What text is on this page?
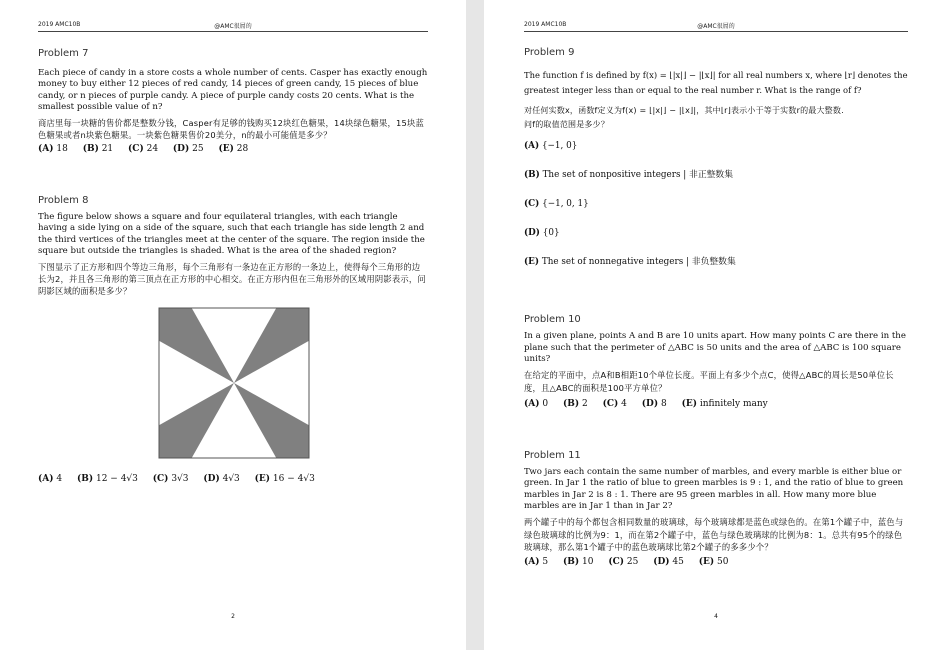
2019 AMC10B	@AMC很屌的
Problem 7

Each piece of candy in a store costs a whole number of cents. Casper has exactly enough money to buy either 12 pieces of red candy, 14 pieces of green candy, 15 pieces of blue candy, or n pieces of purple candy. A piece of purple candy costs 20 cents. What is the smallest possible value of n?

商店里每一块糖的售价都是整数分钱，Casper有足够的钱购买12块红色糖果，14块绿色糖果，15块蓝色糖果或者n块紫色糖果。一块紫色糖果售价20美分，n的最小可能值是多少？

(A) 18 (B) 21 (C) 24 (D) 25 (E) 28

Problem 8

The figure below shows a square and four equilateral triangles, with each triangle having a side lying on a side of the square, such that each triangle has side length 2 and the third vertices of the triangles meet at the center of the square. The region inside the square but outside the triangles is shaded. What is the area of the shaded region?

下图显示了正方形和四个等边三角形，每个三角形有一条边在正方形的一条边上，使得每个三角形的边长为2，并且各三角形的第三顶点在正方形的中心相交。在正方形内但在三角形外的区域用阴影表示，问阴影区域的面积是多少？

(A) 4 (B) 12 − 4√3 (C) 3√3 (D) 4√3 (E) 16 − 4√3

2
2019 AMC10B	@AMC很屌的
Problem 9

The function f is defined by f(x) = ⌊|x|⌋ − |⌊x⌋| for all real numbers x, where ⌊r⌋ denotes the

greatest integer less than or equal to the real number r. What is the range of f?

对任何实数x，函数f定义为f(x) = ⌊|x|⌋ − |⌊x⌋|，其中⌊r⌋表示小于等于实数r的最大整数.

问f的取值范围是多少？

(A) {−1, 0}

(B) The set of nonpositive integers | 非正整数集

(C) {−1, 0, 1}

(D) {0}

(E) The set of nonnegative integers | 非负整数集

Problem 10

In a given plane, points A and B are 10 units apart. How many points C are there in the plane such that the perimeter of △ABC is 50 units and the area of △ABC is 100 square units?

在给定的平面中，点A和B相距10个单位长度。平面上有多少个点C，使得△ABC的周长是50单位长度，且△ABC的面积是100平方单位？

(A) 0 (B) 2 (C) 4 (D) 8 (E) infinitely many

Problem 11

Two jars each contain the same number of marbles, and every marble is either blue or green. In Jar 1 the ratio of blue to green marbles is 9 : 1, and the ratio of blue to green marbles in Jar 2 is 8 : 1. There are 95 green marbles in all. How many more blue marbles are in Jar 1 than in Jar 2?

两个罐子中的每个都包含相同数量的玻璃球，每个玻璃球都是蓝色或绿色的。在第1个罐子中，蓝色与绿色玻璃球的比例为9：1，而在第2个罐子中，蓝色与绿色玻璃球的比例为8：1。总共有95个的绿色玻璃球，那么第1个罐子中的蓝色玻璃球比第2个罐子的多多少个？

(A) 5 (B) 10 (C) 25 (D) 45 (E) 50

4
